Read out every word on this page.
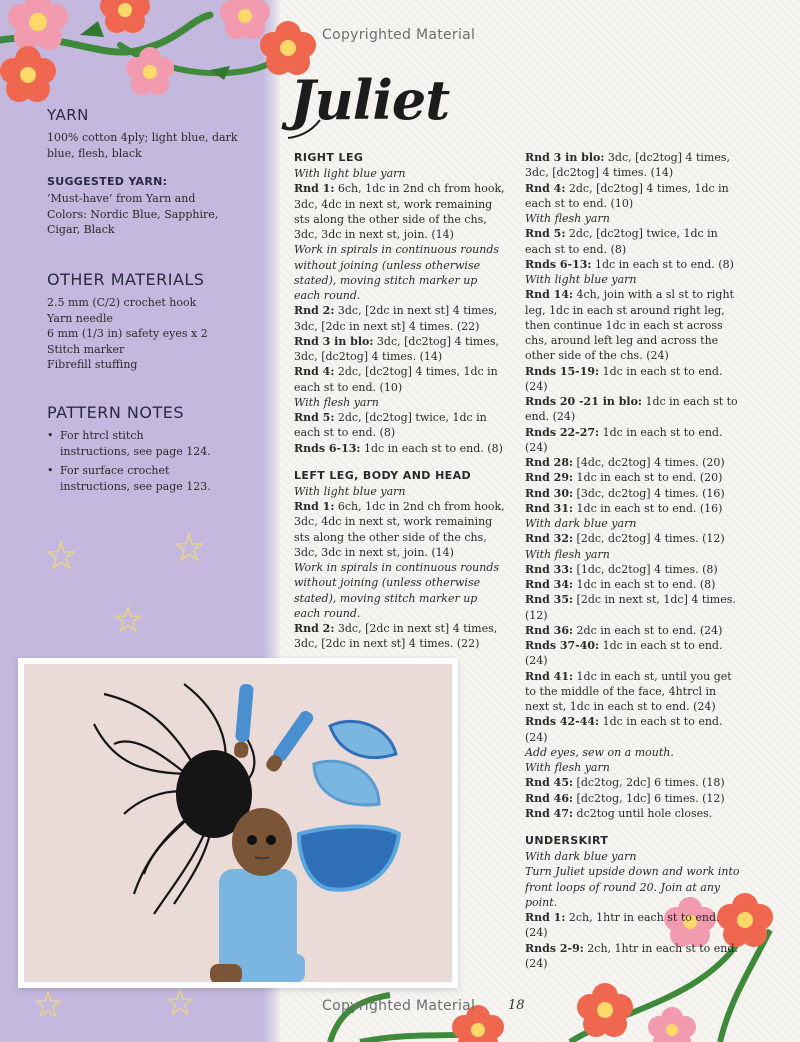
Copyrighted Material
Juliet
YARN

100% cotton 4ply; light blue, dark blue, flesh, black

SUGGESTED YARN:

‘Must-have’ from Yarn and Colors: Nordic Blue, Sapphire, Cigar, Black

OTHER MATERIALS

2.5 mm (C/2) crochet hook

Yarn needle

6 mm (1/3 in) safety eyes x 2

Stitch marker

Fibrefill stuffing

PATTERN NOTES
• For htrcl stitch instructions, see page 124.
• For surface crochet instructions, see page 123.

RIGHT LEG

With light blue yarn

Rnd 1: 6ch, 1dc in 2nd ch from hook, 3dc, 4dc in next st, work remaining sts along the other side of the chs, 3dc, 3dc in next st, join. (14)

Work in spirals in continuous rounds without joining (unless otherwise stated), moving stitch marker up each round.

Rnd 2: 3dc, [2dc in next st] 4 times, 3dc, [2dc in next st] 4 times. (22)

Rnd 3 in blo: 3dc, [dc2tog] 4 times, 3dc, [dc2tog] 4 times. (14)

Rnd 4: 2dc, [dc2tog] 4 times, 1dc in each st to end. (10)

With flesh yarn

Rnd 5: 2dc, [dc2tog] twice, 1dc in each st to end. (8)

Rnds 6-13: 1dc in each st to end. (8)

LEFT LEG, BODY AND HEAD

With light blue yarn

Rnd 1: 6ch, 1dc in 2nd ch from hook, 3dc, 4dc in next st, work remaining sts along the other side of the chs, 3dc, 3dc in next st, join. (14)

Work in spirals in continuous rounds without joining (unless otherwise stated), moving stitch marker up each round.

Rnd 2: 3dc, [2dc in next st] 4 times, 3dc, [2dc in next st] 4 times. (22)

Rnd 3 in blo: 3dc, [dc2tog] 4 times, 3dc, [dc2tog] 4 times. (14)

Rnd 4: 2dc, [dc2tog] 4 times, 1dc in each st to end. (10)

With flesh yarn

Rnd 5: 2dc, [dc2tog] twice, 1dc in each st to end. (8)

Rnds 6-13: 1dc in each st to end. (8)

With light blue yarn

Rnd 14: 4ch, join with a sl st to right leg, 1dc in each st around right leg, then continue 1dc in each st across chs, around left leg and across the other side of the chs. (24)

Rnds 15-19: 1dc in each st to end. (24)

Rnds 20 -21 in blo: 1dc in each st to end. (24)

Rnds 22-27: 1dc in each st to end. (24)

Rnd 28: [4dc, dc2tog] 4 times. (20)

Rnd 29: 1dc in each st to end. (20)

Rnd 30: [3dc, dc2tog] 4 times. (16)

Rnd 31: 1dc in each st to end. (16)

With dark blue yarn

Rnd 32: [2dc, dc2tog] 4 times. (12)

With flesh yarn

Rnd 33: [1dc, dc2tog] 4 times. (8)

Rnd 34: 1dc in each st to end. (8)

Rnd 35: [2dc in next st, 1dc] 4 times. (12)

Rnd 36: 2dc in each st to end. (24)

Rnds 37-40: 1dc in each st to end. (24)

Rnd 41: 1dc in each st, until you get to the middle of the face, 4htrcl in next st, 1dc in each st to end. (24)

Rnds 42-44: 1dc in each st to end. (24)

Add eyes, sew on a mouth.

With flesh yarn

Rnd 45: [dc2tog, 2dc] 6 times. (18)

Rnd 46: [dc2tog, 1dc] 6 times. (12)

Rnd 47: dc2tog until hole closes.

UNDERSKIRT

With dark blue yarn

Turn Juliet upside down and work into front loops of round 20. Join at any point.

Rnd 1: 2ch, 1htr in each st to end. (24)

Rnds 2-9: 2ch, 1htr in each st to end. (24)

Copyrighted Material	18
